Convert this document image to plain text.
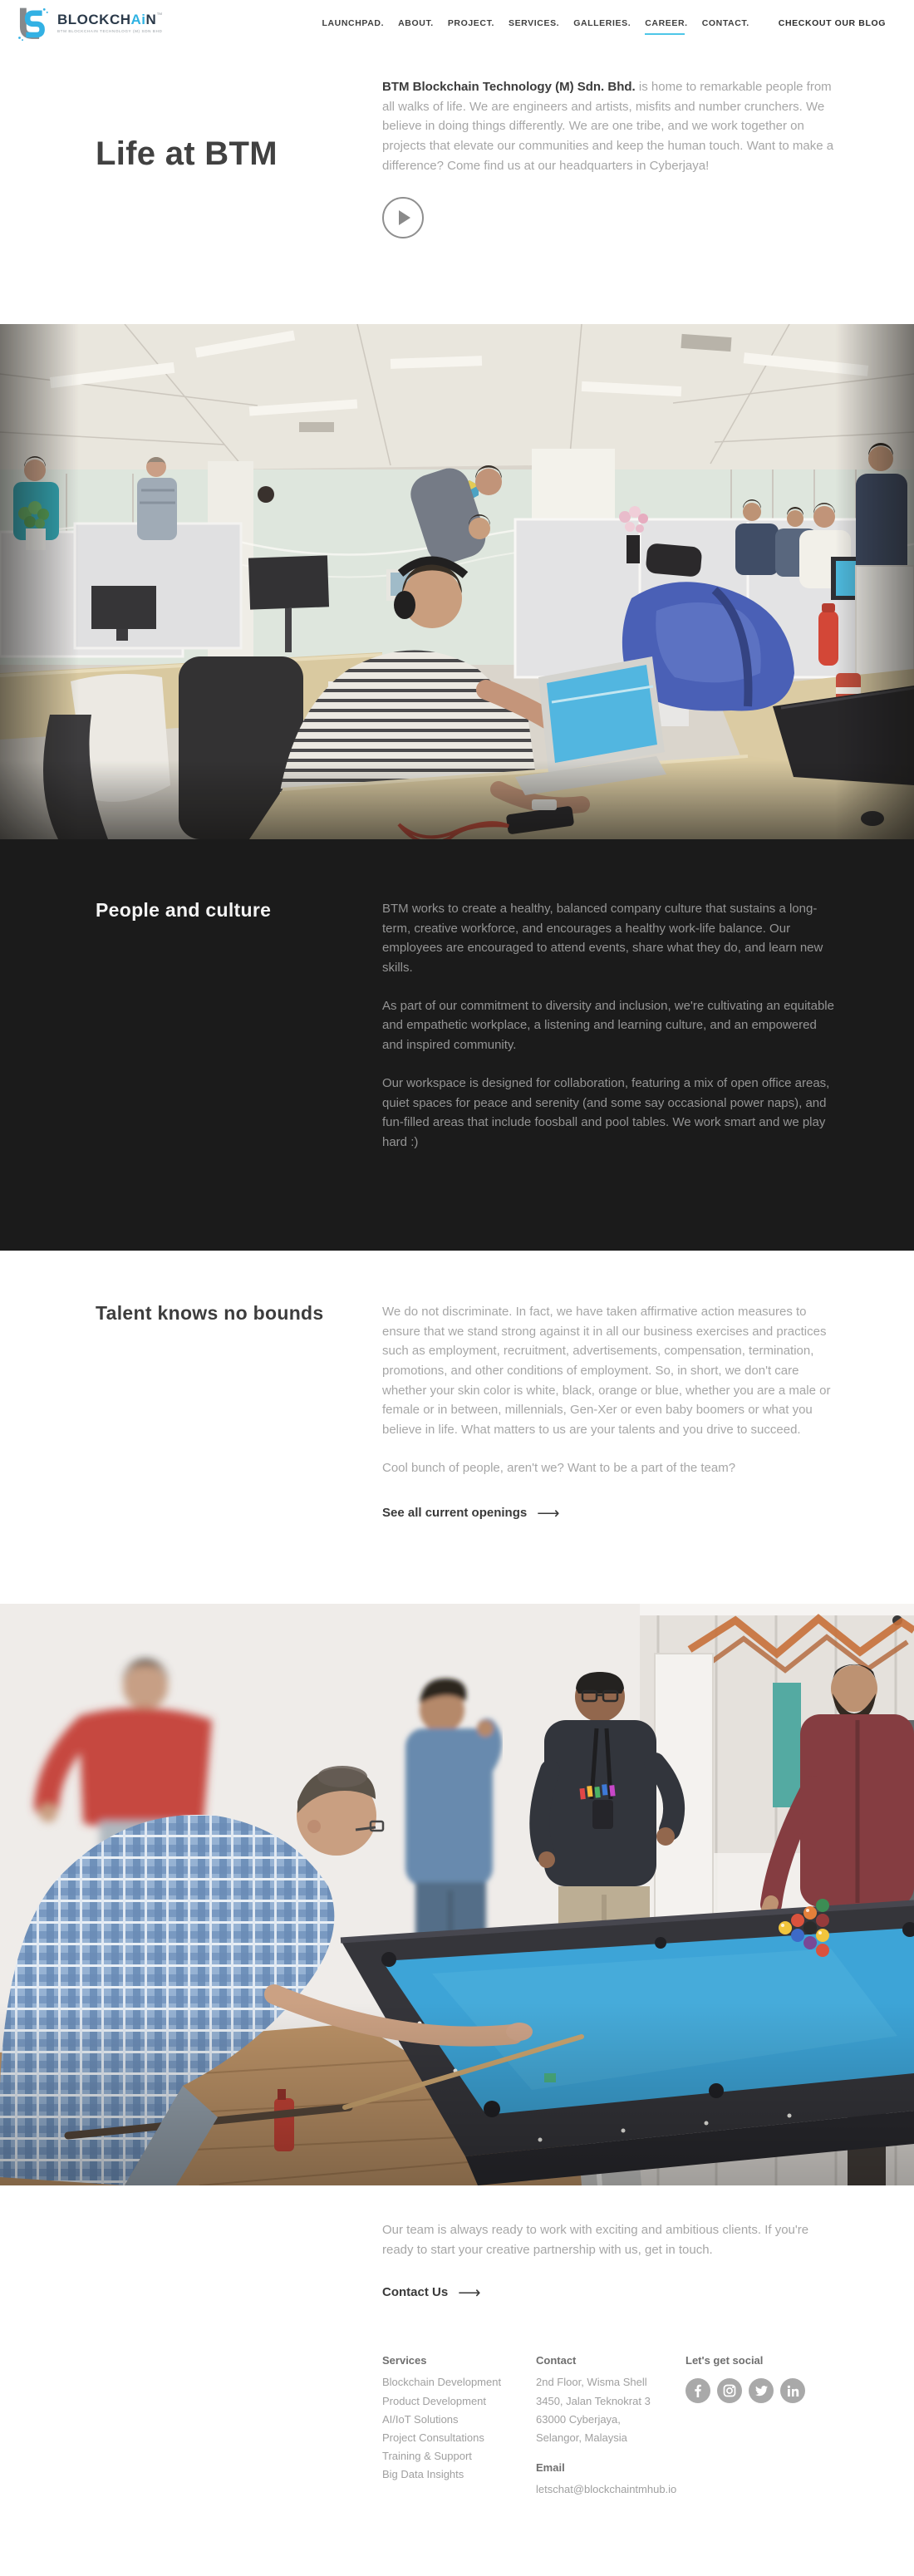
BLOCKCHAiN™
BTM BLOCKCHAIN TECHNOLOGY (M) SDN BHD
LAUNCHPAD. ABOUT. PROJECT. SERVICES. GALLERIES. CAREER. CONTACT.	CHECKOUT OUR BLOG
Life at BTM

BTM Blockchain Technology (M) Sdn. Bhd. is home to remarkable people from all walks of life. We are engineers and artists, misfits and number crunchers. We believe in doing things differently. We are one tribe, and we work together on projects that elevate our communities and keep the human touch. Want to make a difference? Come find us at our headquarters in Cyberjaya!

People and culture	BTM works to create a healthy, balanced company culture that sustains a long-term, creative workforce, and encourages a healthy work-life balance. Our employees are encouraged to attend events, share what they do, and learn new skills.

As part of our commitment to diversity and inclusion, we're cultivating an equitable and empathetic workplace, a listening and learning culture, and an empowered and inspired community.

Our workspace is designed for collaboration, featuring a mix of open office areas, quiet spaces for peace and serenity (and some say occasional power naps), and fun-filled areas that include foosball and pool tables. We work smart and we play hard :)

Talent knows no bounds	We do not discriminate. In fact, we have taken affirmative action measures to ensure that we stand strong against it in all our business exercises and practices such as employment, recruitment, advertisements, compensation, termination, promotions, and other conditions of employment. So, in short, we don't care whether your skin color is white, black, orange or blue, whether you are a male or female or in between, millennials, Gen-Xer or even baby boomers or what you believe in life. What matters to us are your talents and you drive to succeed.

Cool bunch of people, aren't we? Want to be a part of the team?

See all current openings ⟶

Our team is always ready to work with exciting and ambitious clients. If you're ready to start your creative partnership with us, get in touch.

Contact Us ⟶
Services
Blockchain Development
Product Development
AI/IoT Solutions
Project Consultations
Training & Support
Big Data Insights
Contact
2nd Floor, Wisma Shell
3450, Jalan Teknokrat 3
63000 Cyberjaya,
Selangor, Malaysia
Email
letschat@blockchaintmhub.io
Let's get social
